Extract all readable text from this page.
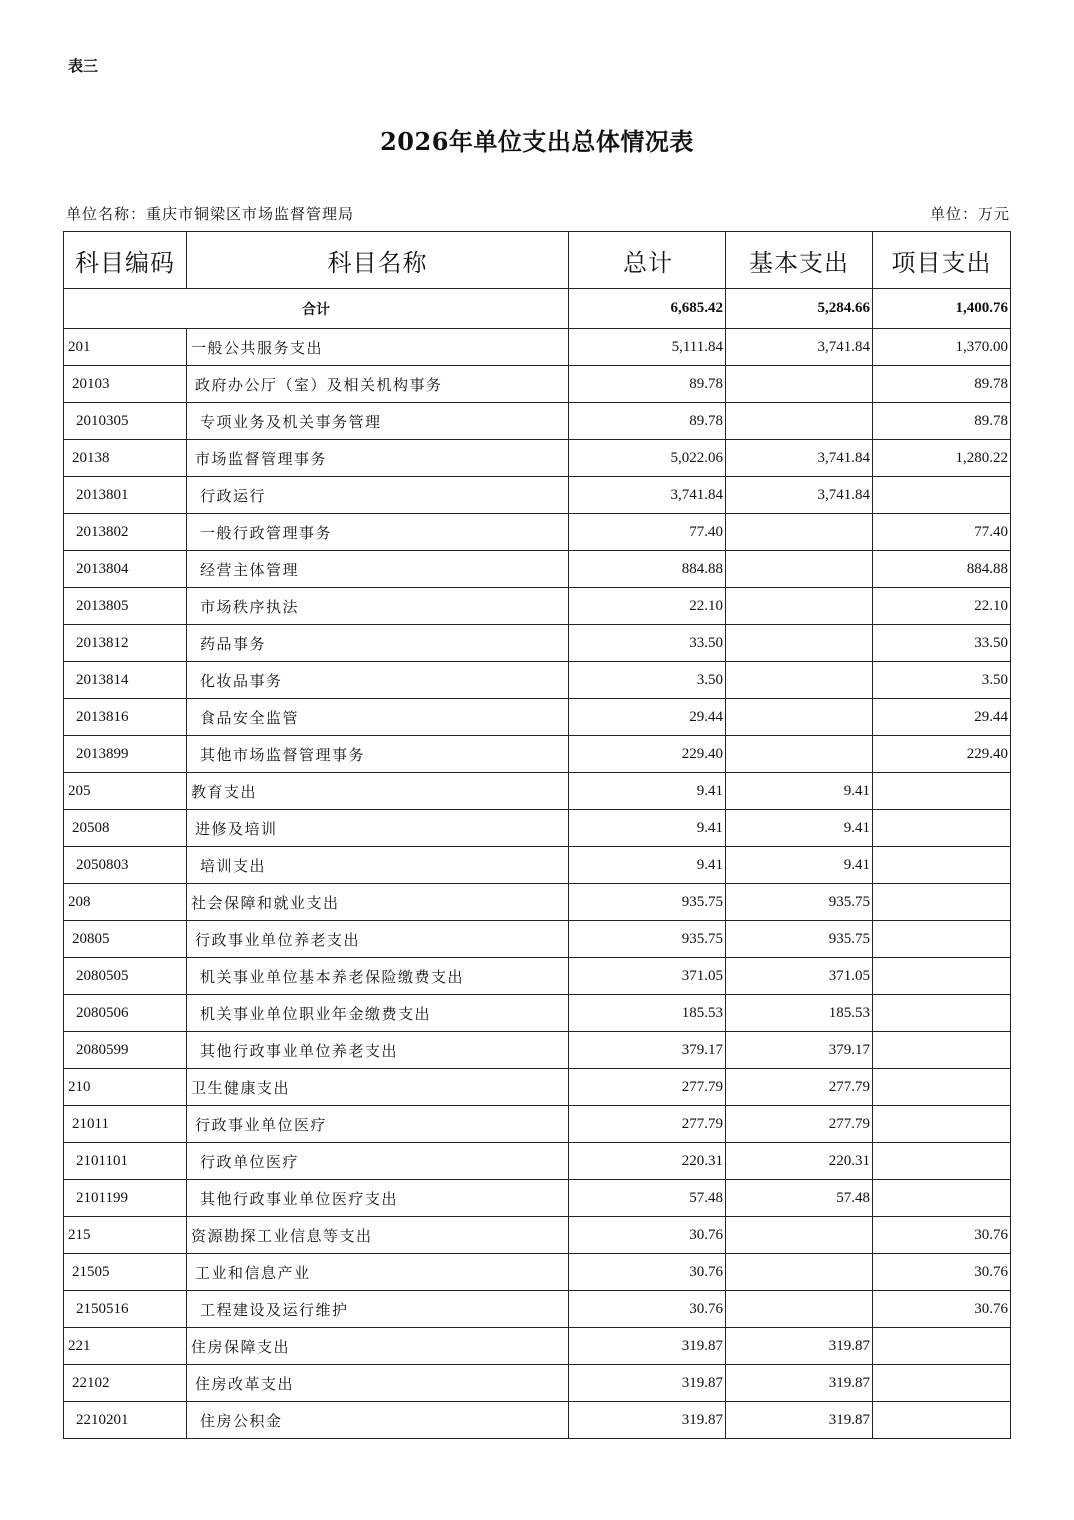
表三
2026年单位支出总体情况表
单位名称：重庆市铜梁区市场监督管理局	单位：万元
科目编码	科目名称	总计	基本支出	项目支出
合计		6,685.42	5,284.66	1,400.76
201	一般公共服务支出	5,111.84	3,741.84	1,370.00
20103	政府办公厅（室）及相关机构事务	89.78		89.78
2010305	专项业务及机关事务管理	89.78		89.78
20138	市场监督管理事务	5,022.06	3,741.84	1,280.22
2013801	行政运行	3,741.84	3,741.84	
2013802	一般行政管理事务	77.40		77.40
2013804	经营主体管理	884.88		884.88
2013805	市场秩序执法	22.10		22.10
2013812	药品事务	33.50		33.50
2013814	化妆品事务	3.50		3.50
2013816	食品安全监管	29.44		29.44
2013899	其他市场监督管理事务	229.40		229.40
205	教育支出	9.41	9.41	
20508	进修及培训	9.41	9.41	
2050803	培训支出	9.41	9.41	
208	社会保障和就业支出	935.75	935.75	
20805	行政事业单位养老支出	935.75	935.75	
2080505	机关事业单位基本养老保险缴费支出	371.05	371.05	
2080506	机关事业单位职业年金缴费支出	185.53	185.53	
2080599	其他行政事业单位养老支出	379.17	379.17	
210	卫生健康支出	277.79	277.79	
21011	行政事业单位医疗	277.79	277.79	
2101101	行政单位医疗	220.31	220.31	
2101199	其他行政事业单位医疗支出	57.48	57.48	
215	资源勘探工业信息等支出	30.76		30.76
21505	工业和信息产业	30.76		30.76
2150516	工程建设及运行维护	30.76		30.76
221	住房保障支出	319.87	319.87	
22102	住房改革支出	319.87	319.87	
2210201	住房公积金	319.87	319.87	
